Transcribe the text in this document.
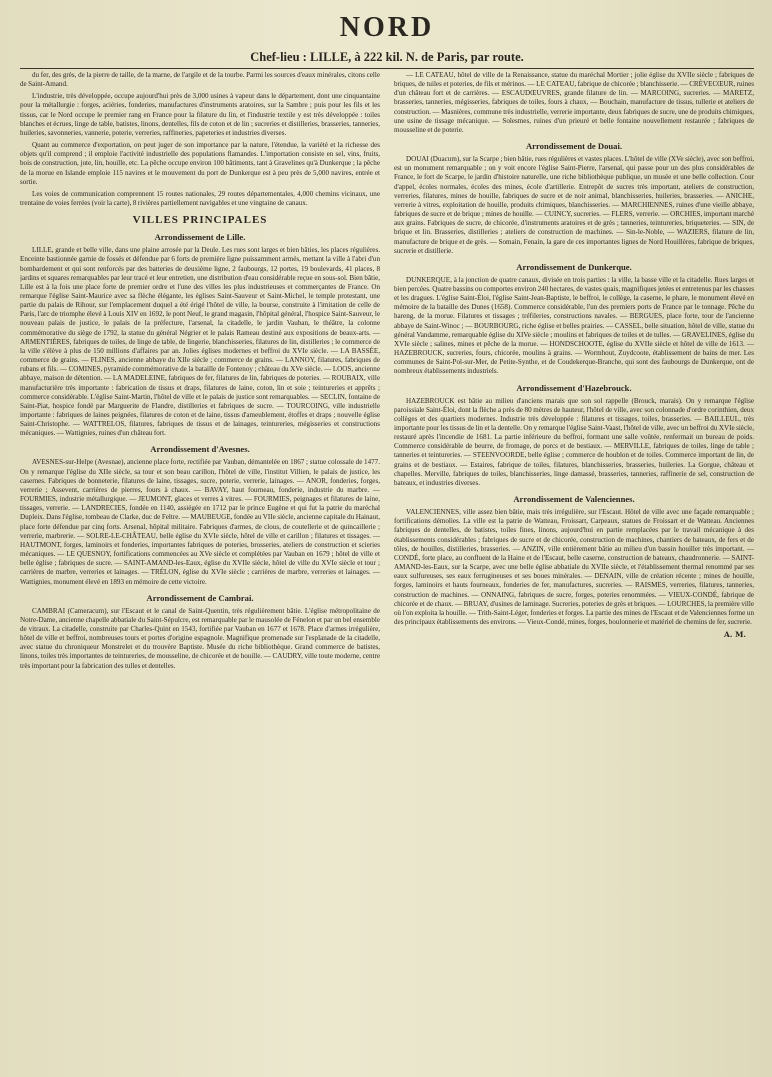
NORD
Chef-lieu : LILLE, à 222 kil. N. de Paris, par route.

du fer, des grès, de la pierre de taille, de la marne, de l'argile et de la tourbe. Parmi les sources d'eaux minérales, citons celle de Saint-Amand.

L'industrie, très développée, occupe aujourd'hui près de 3,000 usines à vapeur dans le département, dont une cinquantaine pour la métallurgie : forges, aciéries, fonderies, manufactures d'instruments aratoires, sur la Sambre ; puis pour les fils et les tissus, car le Nord occupe le premier rang en France pour la filature du lin, et l'industrie textile y est très développée : toiles blanches et écrues, linge de table, batistes, linons, dentelles, fils de coton et de lin ; sucreries et distilleries, brasseries, tanneries, huileries, savonneries, vannerie, poterie, verreries, raffineries, papeteries et industries diverses.

Quant au commerce d'exportation, on peut juger de son importance par la nature, l'étendue, la variété et la richesse des objets qu'il comprend ; il emploie l'activité industrielle des populations flamandes. L'importation consiste en sel, vins, fruits, bois de construction, jute, lin, houille, etc. La pêche occupe environ 100 bâtiments, tant à Gravelines qu'à Dunkerque ; la pêche de la morue en Islande emploie 115 navires et le mouvement du port de Dunkerque est à peu près de 5,000 navires, entrée et sortie.

Les voies de communication comprennent 15 routes nationales, 29 routes départementales, 4,000 chemins vicinaux, une trentaine de voies ferrées (voir la carte), 8 rivières partiellement navigables et une vingtaine de canaux.

VILLES PRINCIPALES
Arrondissement de Lille.

LILLE, grande et belle ville, dans une plaine arrosée par la Deule. Les rues sont larges et bien bâties, les places régulières. Enceinte bastionnée garnie de fossés et défendue par 6 forts de première ligne puissamment armés, mettant la ville à l'abri d'un bombardement et qui sont renforcés par des batteries de deuxième ligne, 2 faubourgs, 12 portes, 19 boulevards, 41 places, 8 jardins et squares remarquables par leur tracé et leur entretien, une distribution d'eau considérable reçue en sous-sol. Bien bâtie, Lille est à la fois une place forte de premier ordre et l'une des villes les plus industrieuses et commerçantes de France. On remarque l'église Saint-Maurice avec sa flèche élégante, les églises Saint-Sauveur et Saint-Michel, le temple protestant, une partie du palais de Rihour, sur l'emplacement duquel a été érigé l'hôtel de ville, la bourse, construite à l'imitation de celle de Paris, l'arc de triomphe élevé à Louis XIV en 1692, le pont Neuf, le grand magasin, l'hôpital général, l'hospice Saint-Sauveur, le nouveau palais de justice, le palais de la préfecture, l'arsenal, la citadelle, le jardin Vauban, le théâtre, la colonne commémorative du siège de 1792, la statue du général Négrier et le palais Rameau destiné aux expositions de beaux-arts. — ARMENTIÈRES, fabriques de toiles, de linge de table, de lingerie, blanchisseries, filatures de lin, distilleries ; le commerce de la ville s'élève à plus de 150 millions d'affaires par an. Jolies églises modernes et beffroi du XVIe siècle. — LA BASSÉE, commerce de grains. — FLINES, ancienne abbaye du XIIe siècle ; commerce de grains. — LANNOY, filatures, fabriques de rubans et fils. — COMINES, pyramide commémorative de la bataille de Fontenoy ; château du XVe siècle. — LOOS, ancienne abbaye, maison de détention. — LA MADELEINE, fabriques de fer, filatures de lin, fabriques de poteries. — ROUBAIX, ville manufacturière très importante : fabrication de tissus et draps, filatures de laine, coton, lin et soie ; teintureries et apprêts ; commerce considérable. L'église Saint-Martin, l'hôtel de ville et le palais de justice sont remarquables. — SECLIN, fontaine de Saint-Piat, hospice fondé par Marguerite de Flandre, distilleries et fabriques de sucre. — TOURCOING, ville industrielle importante : fabriques de laines peignées, filatures de coton et de laine, tissus d'ameublement, étoffes et draps ; nouvelle église Saint-Christophe. — WATTRELOS, filatures, fabriques de tissus et de lainages, teintureries, mégisseries et constructions mécaniques. — Wattignies, ruines d'un château fort.

Arrondissement d'Avesnes.

AVESNES-sur-Helpe (Avesnae), ancienne place forte, rectifiée par Vauban, démantelée en 1867 ; statue colossale de 1477. On y remarque l'église du XIIe siècle, sa tour et son beau carillon, l'hôtel de ville, l'institut Villien, le palais de justice, les casernes. Fabriques de bonneterie, filatures de laine, tissages, sucre, poterie, verrerie, lainages. — ANOR, fonderies, forges, verrerie ; Assevent, carrières de pierres, fours à chaux. — BAVAY, haut fourneau, fonderie, industrie du marbre. — FOURMIES, industrie métallurgique. — JEUMONT, glaces et verres à vitres. — FOURMIES, peignages et filatures de laine, tissages, verrerie. — LANDRECIES, fondée en 1140, assiégée en 1712 par le prince Eugène et qui fut la patrie du maréchal Dupleix. Dans l'église, tombeau de Clarke, duc de Feltre. — MAUBEUGE, fondée au VIIe siècle, ancienne capitale du Hainaut, place forte défendue par cinq forts. Arsenal, hôpital militaire. Fabriques d'armes, de clous, de coutellerie et de quincaillerie ; verrerie, marbrerie. — SOLRE-LE-CHÂTEAU, belle église du XVIe siècle, hôtel de ville et carillon ; filatures et tissages. — HAUTMONT, forges, laminoirs et fonderies, importantes fabriques de poteries, brosseries, ateliers de construction et scieries mécaniques. — LE QUESNOY, fortifications commencées au XVe siècle et complétées par Vauban en 1679 ; hôtel de ville et belle église ; fabriques de sucre. — SAINT-AMAND-les-Eaux, église du XVIIe siècle, hôtel de ville du XVIe siècle et tour ; carrières de marbre, verreries et lainages. — TRÉLON, église du XVIe siècle ; carrières de marbre, verreries et lainages. — Wattignies, monument élevé en 1893 en mémoire de cette victoire.

Arrondissement de Cambrai.

CAMBRAI (Cameracum), sur l'Escaut et le canal de Saint-Quentin, très régulièrement bâtie. L'église métropolitaine de Notre-Dame, ancienne chapelle abbatiale du Saint-Sépulcre, est remarquable par le mausolée de Fénelon et par un bel ensemble de vitraux. La citadelle, construite par Charles-Quint en 1543, fortifiée par Vauban en 1677 et 1678. Place d'armes irrégulière, hôtel de ville et beffroi, nombreuses tours et portes d'origine espagnole. Magnifique promenade sur l'esplanade de la citadelle, avec statue du chroniqueur Monstrelet et du trouvère Baptiste. Musée du riche bibliothèque. Grand commerce de batistes, linons, toiles très importantes de teintureries, de mousseline, de chicorée et de houille. — CAUDRY, ville toute moderne, centre très important pour la fabrication des tulles et dentelles.

— LE CATEAU, hôtel de ville de la Renaissance, statue du maréchal Mortier ; jolie église du XVIIe siècle ; fabriques de briques, de tuiles et poteries, de fils et mérinos. — LE CATEAU, fabrique de chicorée ; blanchisserie. — CRÈVECŒUR, ruines d'un château fort et de carrières. — ESCAUDŒUVRES, grande filature de lin. — MARCOING, sucreries. — MARETZ, brasseries, tanneries, mégisseries, fabriques de toiles, fours à chaux, — Bouchain, manufacture de tissus, tullerie et ateliers de construction. — Masnières, commune très industrielle, verrerie importante, deux fabriques de sucre, une de produits chimiques, une usine de tissage mécanique. — Solesmes, ruines d'un prieuré et belle fontaine nouvellement restaurée ; fabriques de mousseline et de poterie.

Arrondissement de Douai.

DOUAI (Duacum), sur la Scarpe ; bien bâtie, rues régulières et vastes places. L'hôtel de ville (XVe siècle), avec son beffroi, est un monument remarquable ; on y voit encore l'église Saint-Pierre, l'arsenal, qui passe pour un des plus considérables de France, le fort de Scarpe, le jardin d'histoire naturelle, une riche bibliothèque publique, un musée et une belle collection. Cour d'appel, écoles normales, écoles des mines, école d'artillerie. Entrepôt de sucres très important, ateliers de construction, verreries, filatures, mines de houille, fabriques de sucre et de noir animal, blanchisseries, huileries, brasseries. — ANICHE, verrerie à vitres, exploitation de houille, produits chimiques, blanchisseries. — MARCHIENNES, ruines d'une vieille abbaye, fabriques de sucre et de brique ; mines de houille. — CUINCY, sucreries. — FLERS, verrerie. — ORCHIES, important marché aux grains. Fabriques de sucre, de chicorée, d'instruments aratoires et de grès ; tanneries, teintureries, briqueteries. — SIN, de brique et lin. Brasseries, distilleries ; ateliers de construction de machines. — Sin-le-Noble, — WAZIERS, filature de lin, manufacture de brique et de grès. — Somain, Fenain, la gare de ces importantes lignes de Nord Houillères, fabrique de briques, sucrerie et distillerie.

Arrondissement de Dunkerque.

DUNKERQUE, à la jonction de quatre canaux, divisée en trois parties : la ville, la basse ville et la citadelle. Rues larges et bien percées. Quatre bassins ou comportes environ 240 hectares, de vastes quais, magnifiques jetées et entretenus par les chasses et les dragues. L'église Saint-Éloi, l'église Saint-Jean-Baptiste, le beffroi, le collège, la caserne, le phare, le monument élevé en mémoire de la bataille des Dunes (1658). Commerce considérable, l'un des premiers ports de France par le tonnage. Pêche du hareng, de la morue. Filatures et tissages ; tréfileries, constructions navales. — BERGUES, place forte, tour de l'ancienne abbaye de Saint-Winoc ; — BOURBOURG, riche église et belles prairies. — CASSEL, belle situation, hôtel de ville, statue du général Vandamme, remarquable église du XIVe siècle ; moulins et fabriques de toiles et de tulles. — GRAVELINES, église du XVIe siècle ; salines, mines et pêche de la morue. — HONDSCHOOTE, église du XVIIe siècle et hôtel de ville de 1613. — HAZEBROUCK, sucreries, fours, chicorée, moulins à grains. — Wormhout, Zuydcoote, établissement de bains de mer. Les communes de Saint-Pol-sur-Mer, de Petite-Synthe, et de Coudekerque-Branche, qui sont des faubourgs de Dunkerque, ont de nombreux établissements industriels.

Arrondissement d'Hazebrouck.

HAZEBROUCK est bâtie au milieu d'anciens marais que son sol rappelle (Brouck, marais). On y remarque l'église paroissiale Saint-Éloi, dont la flèche a près de 80 mètres de hauteur, l'hôtel de ville, avec son colonnade d'ordre corinthien, deux collèges et des quartiers modernes. Industrie très développée : filatures et tissages, toiles, brasseries. — BAILLEUL, très importante pour les tissus de lin et la dentelle. On y remarque l'église Saint-Vaast, l'hôtel de ville, avec un beffroi du XVIe siècle, restauré après l'incendie de 1681. La partie inférieure du beffroi, formant une salle voûtée, renfermait un bureau de poids. Commerce considérable de beurre, de fromage, de porcs et de bestiaux. — MERVILLE, fabriques de toiles, linge de table ; tanneries et teintureries. — STEENVOORDE, belle église ; commerce de houblon et de toiles. Commerce important de lin, de grains et de bestiaux. — Estaires, fabrique de toiles, filatures, blanchisseries, brasseries, huileries. La Gorgue, château et chapelles. Merville, fabriques de toiles, blanchisseries, linge damassé, brasseries, tanneries, raffinerie de sel, construction de bateaux, et industries diverses.

Arrondissement de Valenciennes.

VALENCIENNES, ville assez bien bâtie, mais très irrégulière, sur l'Escaut. Hôtel de ville avec une façade remarquable ; fortifications démolies. La ville est la patrie de Watteau, Froissart, Carpeaux, statues de Froissart et de Watteau. Anciennes fabriques de dentelles, de batistes, toiles fines, linons, aujourd'hui en partie remplacées par le travail mécanique à des établissements considérables ; fabriques de sucre et de chicorée, construction de machines, chantiers de bateaux, de fers et de tôles, de houilles, distilleries, brasseries. — ANZIN, ville entièrement bâtie au milieu d'un bassin houiller très important. — CONDÉ, forte place, au confluent de la Haine et de l'Escaut, belle caserne, construction de bateaux, chaudronnerie. — SAINT-AMAND-les-Eaux, sur la Scarpe, avec une belle église abbatiale du XVIIe siècle, et l'établissement thermal renommé par ses eaux sulfureuses, ses eaux ferrugineuses et ses boues minérales. — DENAIN, ville de création récente ; mines de houille, forges, laminoirs et hauts fourneaux, fonderies de fer, manufactures, sucreries. — RAISMES, verreries, filatures, tanneries, construction de machines. — ONNAING, fabriques de sucre, forges, poteries renommées. — VIEUX-CONDÉ, fabrique de chicorée et de chaux. — BRUAY, d'usines de laminage. Sucreries, poteries de grès et briques. — LOURCHES, la première ville où l'on exploita la houille. — Trith-Saint-Léger, fonderies et forges. La partie des mines de l'Escaut et de Valenciennes forme un des principaux établissements des environs. — Vieux-Condé, mines, forges, boulonnerie et matériel de chemins de fer, sucrerie.

A. M.
